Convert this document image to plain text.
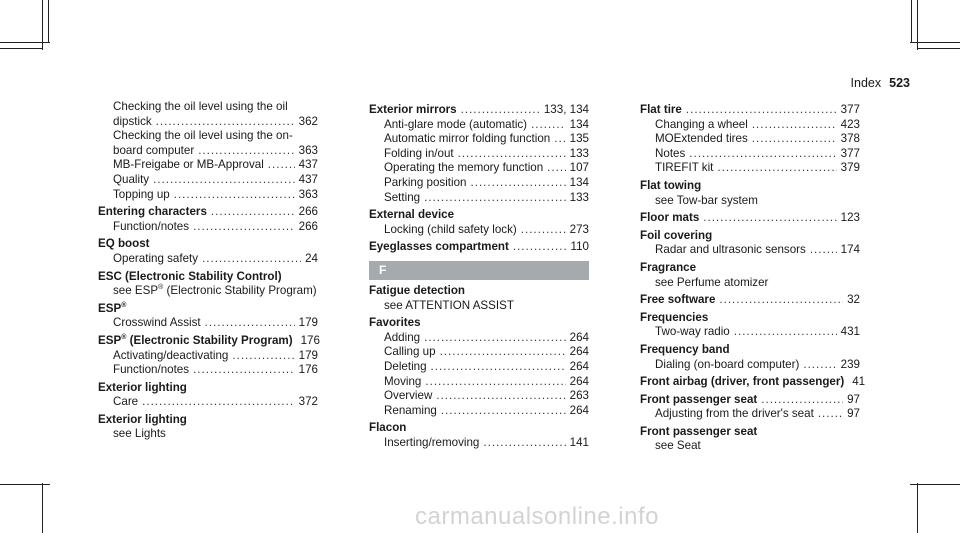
Index 523
Checking the oil level using the oil
dipstick .....	362
Checking the oil level using the on-
board computer .....	363
MB-Freigabe or MB-Approval .....	437
Quality .....	437
Topping up .....	363
Entering characters .....	266
Function/notes .....	266
EQ boost
Operating safety .....	24
ESC (Electronic Stability Control)
see ESP® (Electronic Stability Program)
ESP®
Crosswind Assist .....	179
ESP® (Electronic Stability Program) 176
Activating/deactivating .....	179
Function/notes .....	176
Exterior lighting
Care .....	372
Exterior lighting
see Lights
Exterior mirrors .....	133, 134
Anti-glare mode (automatic) .....	134
Automatic mirror folding function ..... 135
Folding in/out .....	133
Operating the memory function ..... 107
Parking position .....	134
Setting .....	133
External device
Locking (child safety lock) .....	273
Eyeglasses compartment .....	110
F
Fatigue detection
see ATTENTION ASSIST
Favorites
Adding .....	264
Calling up .....	264
Deleting .....	264
Moving .....	264
Overview .....	263
Renaming .....	264
Flacon
Inserting/removing .....	141
Flat tire .....	377
Changing a wheel .....	423
MOExtended tires .....	378
Notes .....	377
TIREFIT kit .....	379
Flat towing
see Tow-bar system
Floor mats .....	123
Foil covering
Radar and ultrasonic sensors .....	174
Fragrance
see Perfume atomizer
Free software .....	32
Frequencies
Two-way radio .....	431
Frequency band
Dialing (on-board computer) .....	239
Front airbag (driver, front passenger) 41
Front passenger seat .....	97
Adjusting from the driver's seat .....	97
Front passenger seat
see Seat
carmanualsonline.info
